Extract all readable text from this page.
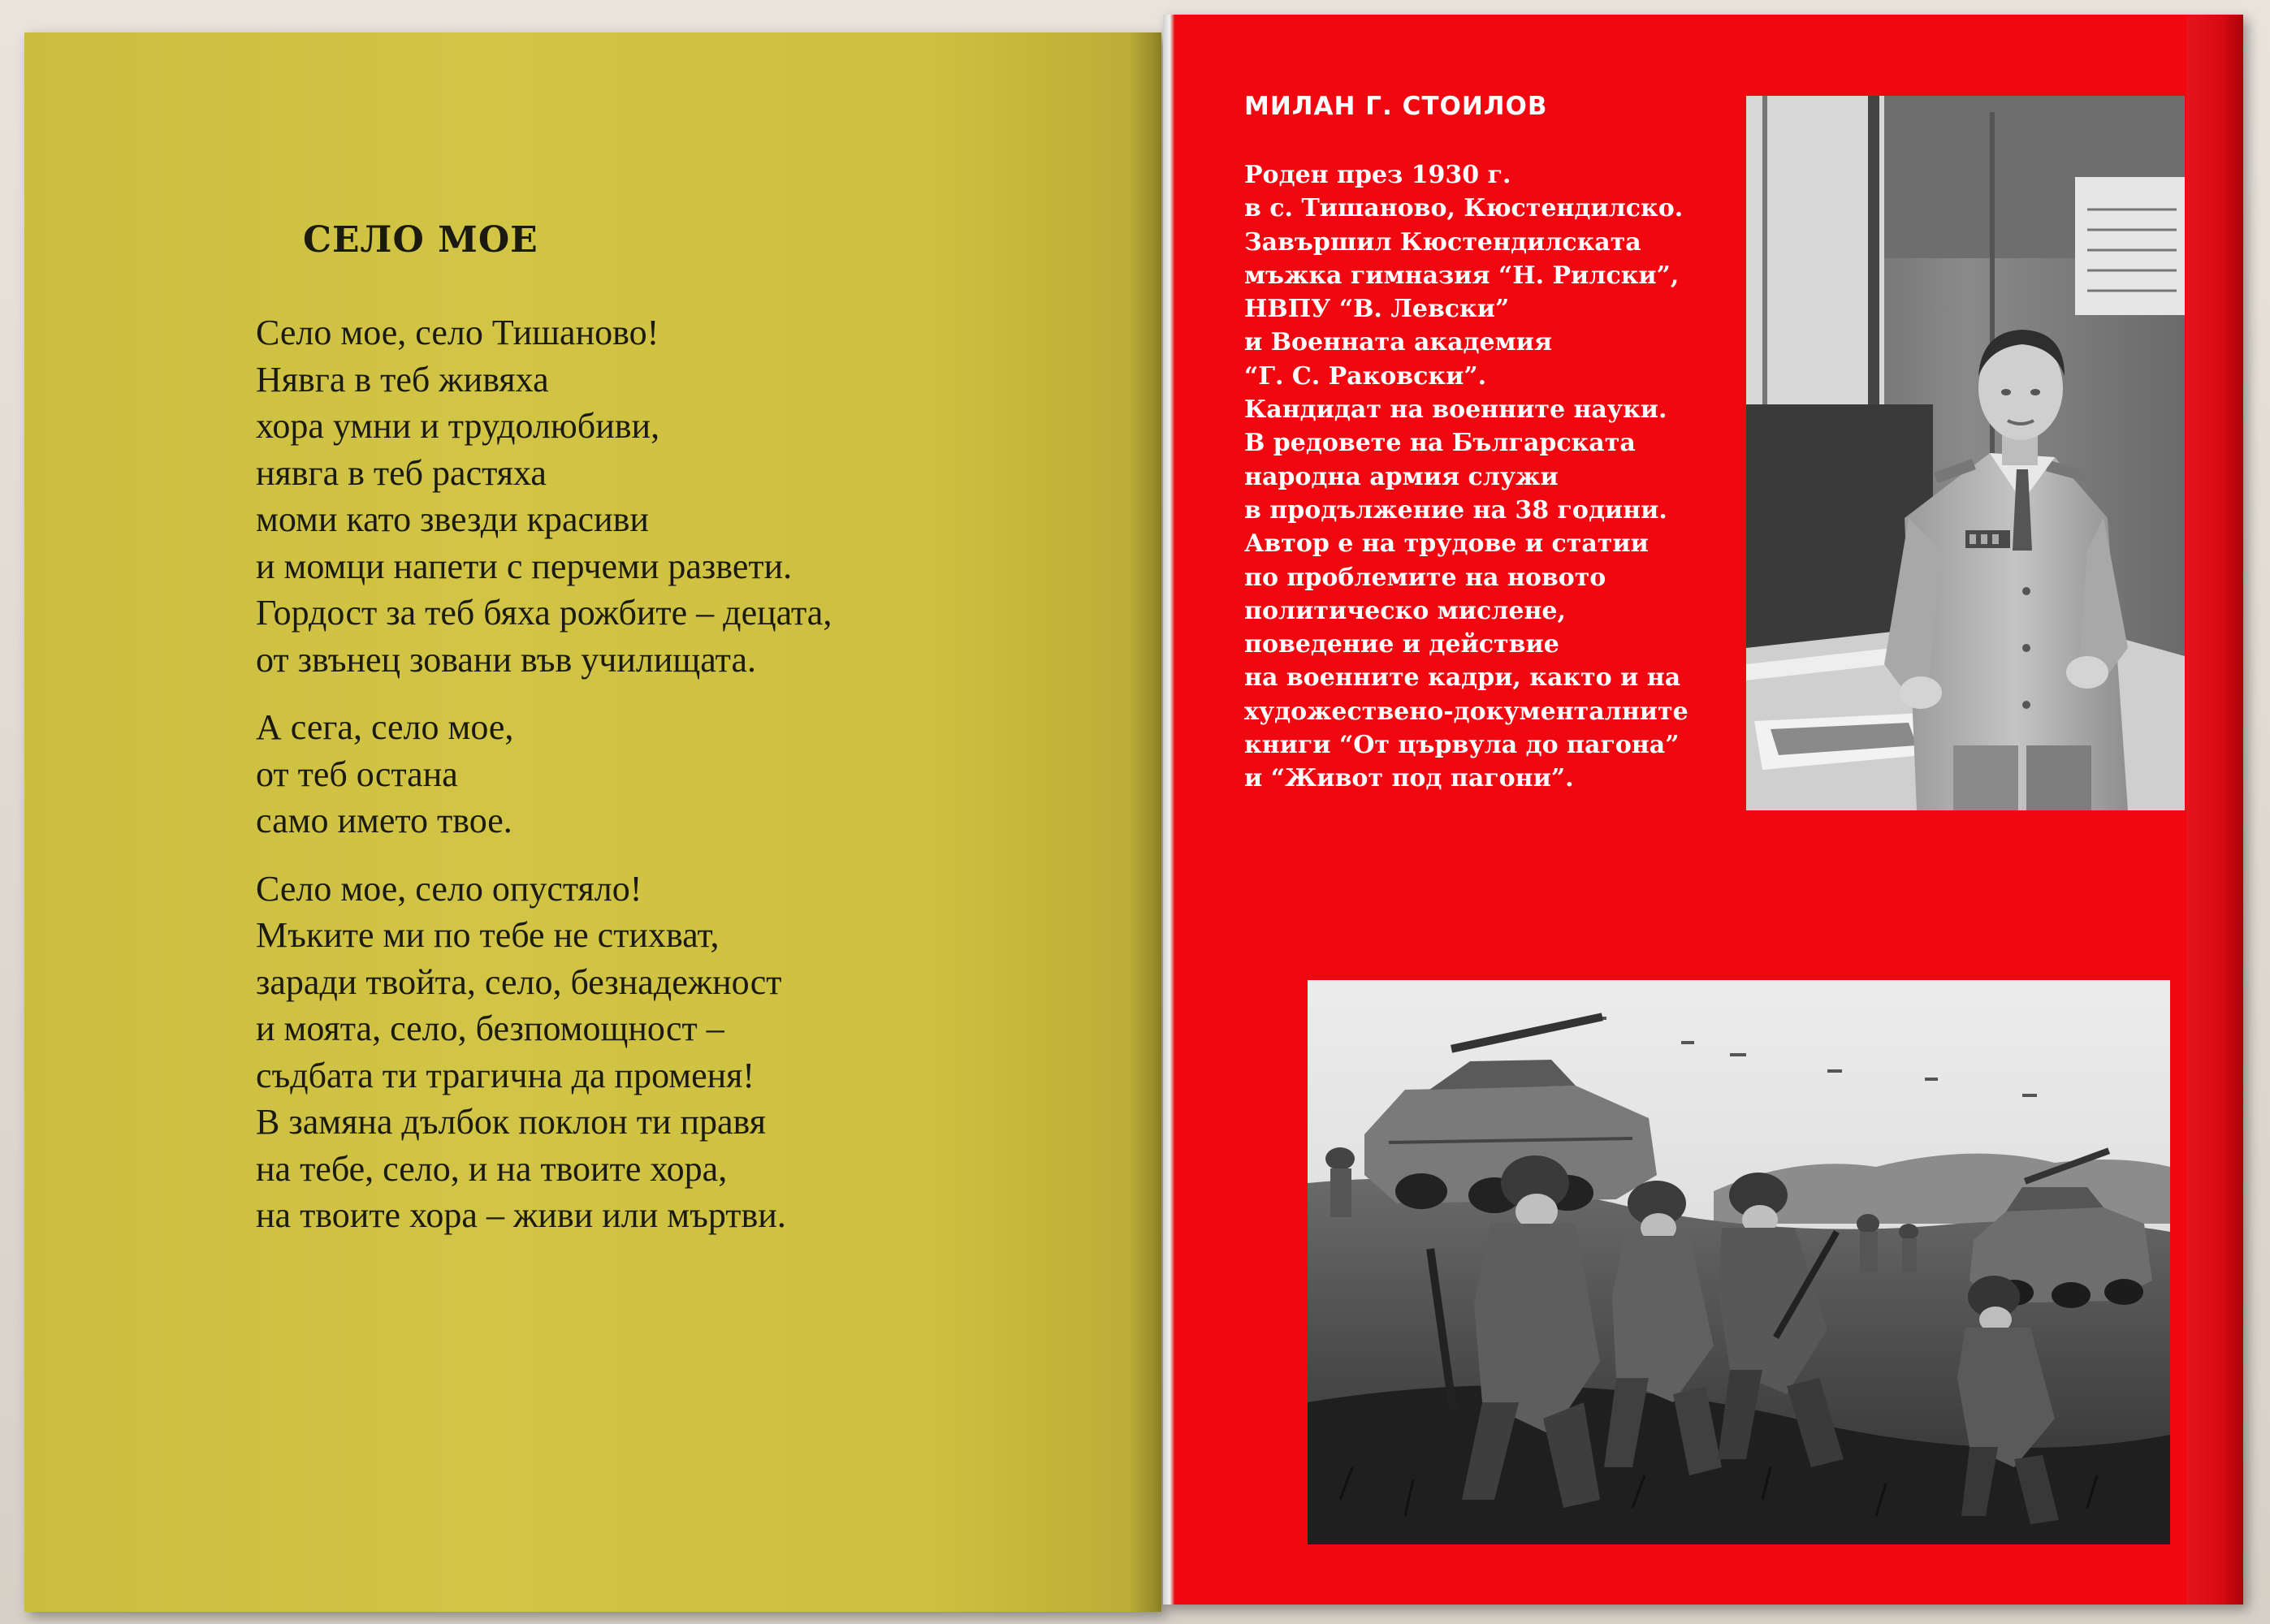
СЕЛО МОЕ
Село мое, село Тишаново!
Нявга в теб живяха
хора умни и трудолюбиви,
нявга в теб растяха
моми като звезди красиви
и момци напети с перчеми развети.
Гордост за теб бяха рожбите – децата,
от звънец зовани във училищата.
А сега, село мое,
от теб остана
само името твое.
Село мое, село опустяло!
Мъките ми по тебе не стихват,
заради твойта, село, безнадежност
и моята, село, безпомощност –
съдбата ти трагична да променя!
В замяна дълбок поклон ти правя
на тебе, село, и на твоите хора,
на твоите хора – живи или мъртви.
МИЛАН Г. СТОИЛОВ
Роден през 1930 г.
в с. Тишаново, Кюстендилско.
Завършил Кюстендилската
мъжка гимназия “Н. Рилски”,
НВПУ “В. Левски”
и Военната академия
“Г. С. Раковски”.
Кандидат на военните науки.
В редовете на Българската
народна армия служи
в продължение на 38 години.
Автор е на трудове и статии
по проблемите на новото
политическо мислене,
поведение и действие
на военните кадри, както и на
художествено-документалните
книги “От цървула до пагона”
и “Живот под пагони”.
